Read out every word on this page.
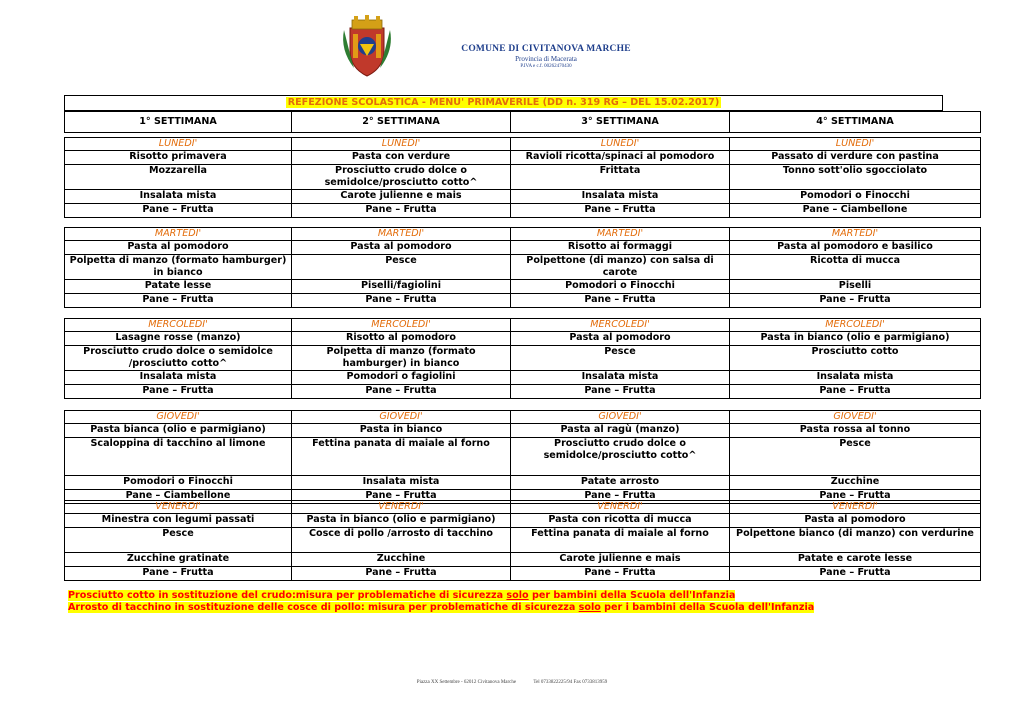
COMUNE DI CIVITANOVA MARCHE
Provincia di Macerata
P.IVA e c.f. 00262470430
REFEZIONE SCOLASTICA - MENU' PRIMAVERILE (DD n. 319 RG – DEL 15.02.2017)
1° SETTIMANA	2° SETTIMANA	3° SETTIMANA	4° SETTIMANA
LUNEDI'	LUNEDI'	LUNEDI'	LUNEDI'
Risotto primavera	Pasta con verdure	Ravioli ricotta/spinaci al pomodoro	Passato di verdure con pastina
Mozzarella	Prosciutto crudo dolce o semidolce/prosciutto cotto^	Frittata	Tonno sott'olio sgocciolato
Insalata mista	Carote julienne e mais	Insalata mista	Pomodori o Finocchi
Pane – Frutta	Pane – Frutta	Pane – Frutta	Pane – Ciambellone
MARTEDI'	MARTEDI'	MARTEDI'	MARTEDI'
Pasta al pomodoro	Pasta al pomodoro	Risotto ai formaggi	Pasta al pomodoro e basilico
Polpetta di manzo (formato hamburger) in bianco	Pesce	Polpettone (di manzo) con salsa di carote	Ricotta di mucca
Patate lesse	Piselli/fagiolini	Pomodori o Finocchi	Piselli
Pane – Frutta	Pane – Frutta	Pane – Frutta	Pane – Frutta
MERCOLEDI'	MERCOLEDI'	MERCOLEDI'	MERCOLEDI'
Lasagne rosse (manzo)	Risotto al pomodoro	Pasta al pomodoro	Pasta in bianco (olio e parmigiano)
Prosciutto crudo dolce o semidolce /prosciutto cotto^	Polpetta di manzo (formato hamburger) in bianco	Pesce	Prosciutto cotto
Insalata mista	Pomodori o fagiolini	Insalata mista	Insalata mista
Pane – Frutta	Pane – Frutta	Pane – Frutta	Pane – Frutta
GIOVEDI'	GIOVEDI'	GIOVEDI'	GIOVEDI'
Pasta bianca (olio e parmigiano)	Pasta in bianco	Pasta al ragù (manzo)	Pasta rossa al tonno
Scaloppina di tacchino al limone	Fettina panata di maiale al forno	Prosciutto crudo dolce o semidolce/prosciutto cotto^	Pesce
Pomodori o Finocchi	Insalata mista	Patate arrosto	Zucchine
Pane – Ciambellone	Pane – Frutta	Pane – Frutta	Pane – Frutta
VENERDI'	VENERDI'	VENERDI'	VENERDI'
Minestra con legumi passati	Pasta in bianco (olio e parmigiano)	Pasta con ricotta di mucca	Pasta al pomodoro
Pesce	Cosce di pollo /arrosto di tacchino	Fettina panata di maiale al forno	Polpettone bianco (di manzo) con verdurine
Zucchine gratinate	Zucchine	Carote julienne e mais	Patate e carote lesse
Pane – Frutta	Pane – Frutta	Pane – Frutta	Pane – Frutta
Prosciutto cotto in sostituzione del crudo:misura per problematiche di sicurezza solo per bambini della Scuola dell'Infanzia
Arrosto di tacchino in sostituzione delle cosce di pollo: misura per problematiche di sicurezza solo per i bambini della Scuola dell'Infanzia
Piazza XX Settembre - 62012 Civitanova Marche	Tel 0733822225/94 Fax 0733813959
